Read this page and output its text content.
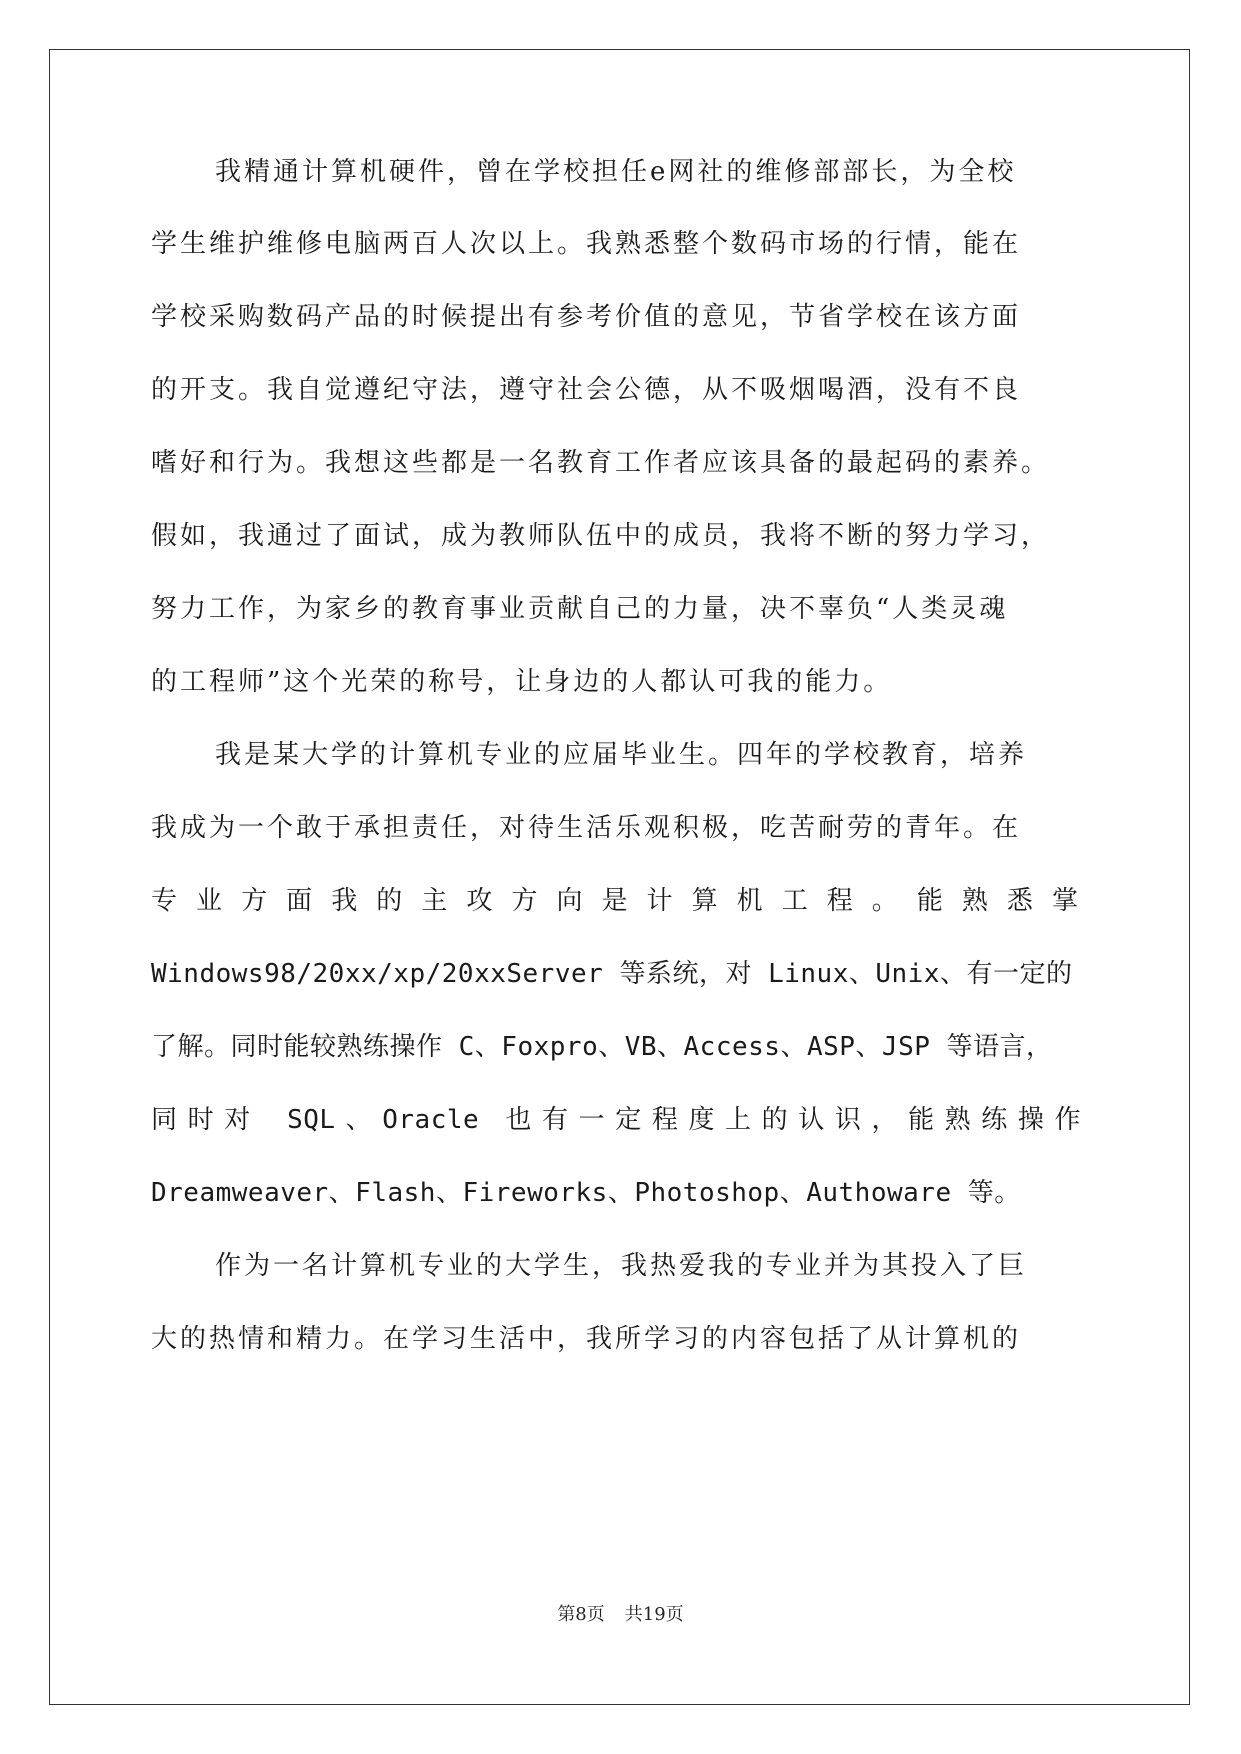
我精通计算机硬件，曾在学校担任e网社的维修部部长，为全校
学生维护维修电脑两百人次以上。我熟悉整个数码市场的行情，能在
学校采购数码产品的时候提出有参考价值的意见，节省学校在该方面
的开支。我自觉遵纪守法，遵守社会公德，从不吸烟喝酒，没有不良
嗜好和行为。我想这些都是一名教育工作者应该具备的最起码的素养。
假如，我通过了面试，成为教师队伍中的成员，我将不断的努力学习，
努力工作，为家乡的教育事业贡献自己的力量，决不辜负“人类灵魂
的工程师”这个光荣的称号，让身边的人都认可我的能力。
我是某大学的计算机专业的应届毕业生。四年的学校教育，培养
我成为一个敢于承担责任，对待生活乐观积极，吃苦耐劳的青年。在
专业方面我的主攻方向是计算机工程。能熟悉掌
Windows98/20xx/xp/20xxServer 等系统，对 Linux、Unix、有一定的
了解。同时能较熟练操作 C、Foxpro、VB、Access、ASP、JSP 等语言，
同时对 SQL、Oracle 也有一定程度上的认识，能熟练操作
Dreamweaver、Flash、Fireworks、Photoshop、Authoware 等。
作为一名计算机专业的大学生，我热爱我的专业并为其投入了巨
大的热情和精力。在学习生活中，我所学习的内容包括了从计算机的
第8页 共19页
